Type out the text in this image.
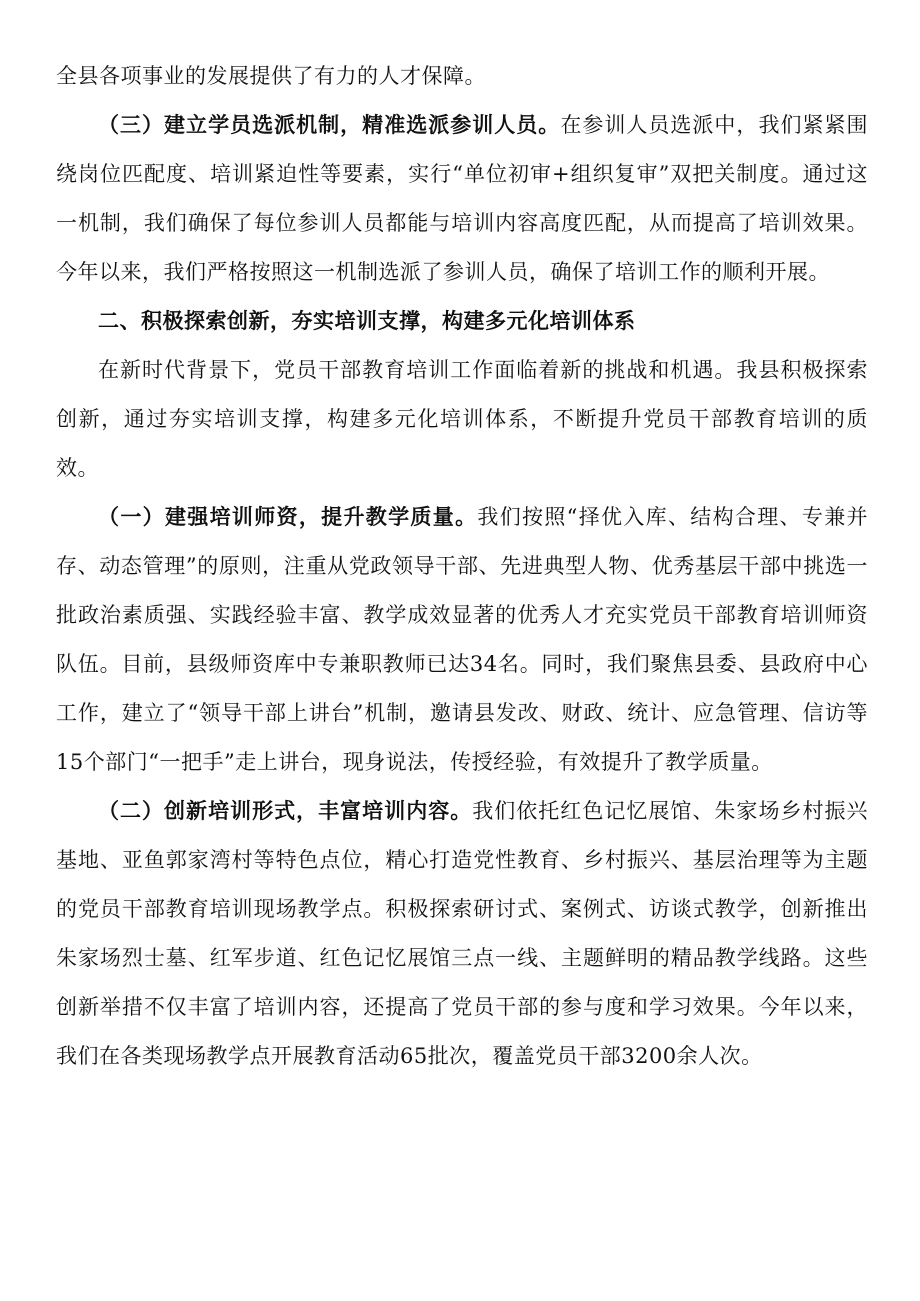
全县各项事业的发展提供了有力的人才保障。

（三）建立学员选派机制，精准选派参训人员。在参训人员选派中，我们紧紧围绕岗位匹配度、培训紧迫性等要素，实行“单位初审+组织复审”双把关制度。通过这一机制，我们确保了每位参训人员都能与培训内容高度匹配，从而提高了培训效果。今年以来，我们严格按照这一机制选派了参训人员，确保了培训工作的顺利开展。

二、积极探索创新，夯实培训支撑，构建多元化培训体系

在新时代背景下，党员干部教育培训工作面临着新的挑战和机遇。我县积极探索创新，通过夯实培训支撑，构建多元化培训体系，不断提升党员干部教育培训的质效。

（一）建强培训师资，提升教学质量。我们按照“择优入库、结构合理、专兼并存、动态管理”的原则，注重从党政领导干部、先进典型人物、优秀基层干部中挑选一批政治素质强、实践经验丰富、教学成效显著的优秀人才充实党员干部教育培训师资队伍。目前，县级师资库中专兼职教师已达34名。同时，我们聚焦县委、县政府中心工作，建立了“领导干部上讲台”机制，邀请县发改、财政、统计、应急管理、信访等15个部门“一把手”走上讲台，现身说法，传授经验，有效提升了教学质量。

（二）创新培训形式，丰富培训内容。我们依托红色记忆展馆、朱家场乡村振兴基地、亚鱼郭家湾村等特色点位，精心打造党性教育、乡村振兴、基层治理等为主题的党员干部教育培训现场教学点。积极探索研讨式、案例式、访谈式教学，创新推出朱家场烈士墓、红军步道、红色记忆展馆三点一线、主题鲜明的精品教学线路。这些创新举措不仅丰富了培训内容，还提高了党员干部的参与度和学习效果。今年以来，我们在各类现场教学点开展教育活动65批次，覆盖党员干部3200余人次。
